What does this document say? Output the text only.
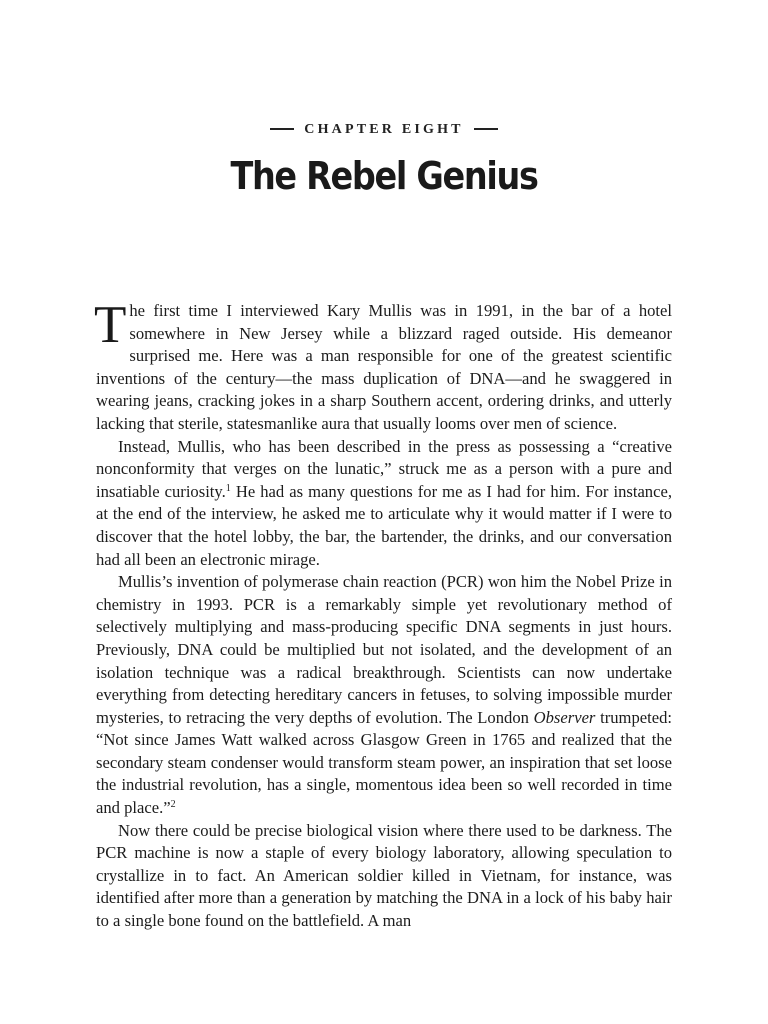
CHAPTER EIGHT
The Rebel Genius

The first time I interviewed Kary Mullis was in 1991, in the bar of a hotel somewhere in New Jersey while a blizzard raged outside. His demeanor surprised me. Here was a man responsible for one of the greatest scientific inventions of the century—the mass duplication of DNA—and he swaggered in wearing jeans, cracking jokes in a sharp Southern accent, ordering drinks, and utterly lacking that sterile, statesmanlike aura that usually looms over men of science.

Instead, Mullis, who has been described in the press as possessing a “creative nonconformity that verges on the lunatic,” struck me as a person with a pure and insatiable curiosity.$^1$ He had as many questions for me as I had for him. For instance, at the end of the interview, he asked me to articulate why it would matter if I were to discover that the hotel lobby, the bar, the bartender, the drinks, and our conversation had all been an electronic mirage.

Mullis’s invention of polymerase chain reaction (PCR) won him the Nobel Prize in chemistry in 1993. PCR is a remarkably simple yet revolutionary method of selectively multiplying and mass-producing specific DNA segments in just hours. Previously, DNA could be multiplied but not isolated, and the development of an isolation technique was a radical breakthrough. Scientists can now undertake everything from detecting hereditary cancers in fetuses, to solving impossible murder mysteries, to retracing the very depths of evolution. The London Observer trumpeted: “Not since James Watt walked across Glasgow Green in 1765 and realized that the secondary steam condenser would transform steam power, an inspiration that set loose the industrial revolution, has a single, momentous idea been so well recorded in time and place.”$^2$

Now there could be precise biological vision where there used to be darkness. The PCR machine is now a staple of every biology laboratory, allowing speculation to crystallize in to fact. An American soldier killed in Vietnam, for instance, was identified after more than a generation by matching the DNA in a lock of his baby hair to a single bone found on the battlefield. A man
